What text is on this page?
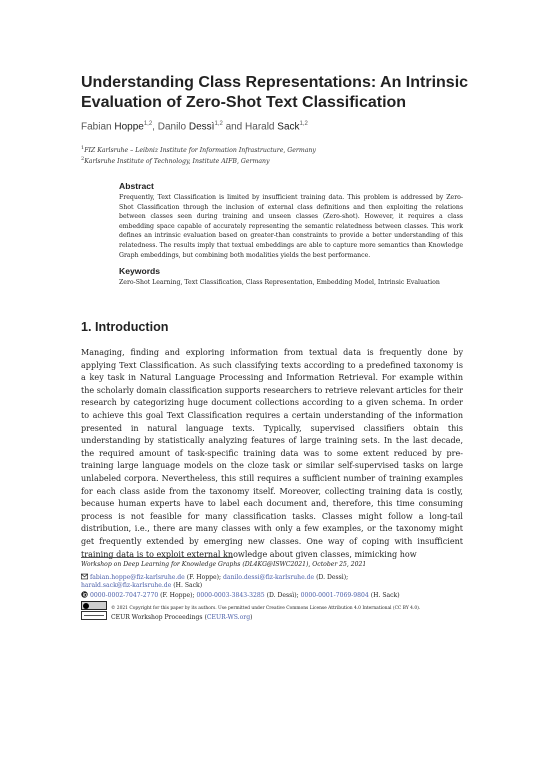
Understanding Class Representations: An Intrinsic Evaluation of Zero-Shot Text Classification
Fabian Hoppe$^{1,2}$, Danilo Dessì$^{1,2}$ and Harald Sack$^{1,2}$
$^1$FIZ Karlsruhe – Leibniz Institute for Information Infrastructure, Germany
$^2$Karlsruhe Institute of Technology, Institute AIFB, Germany
Abstract

Frequently, Text Classification is limited by insufficient training data. This problem is addressed by Zero-Shot Classification through the inclusion of external class definitions and then exploiting the relations between classes seen during training and unseen classes (Zero-shot). However, it requires a class embedding space capable of accurately representing the semantic relatedness between classes. This work defines an intrinsic evaluation based on greater-than constraints to provide a better understanding of this relatedness. The results imply that textual embeddings are able to capture more semantics than Knowledge Graph embeddings, but combining both modalities yields the best performance.

Keywords

Zero-Shot Learning, Text Classification, Class Representation, Embedding Model, Intrinsic Evaluation

1. Introduction

Managing, finding and exploring information from textual data is frequently done by applying Text Classification. As such classifying texts according to a predefined taxonomy is a key task in Natural Language Processing and Information Retrieval. For example within the scholarly domain classification supports researchers to retrieve relevant articles for their research by categorizing huge document collections according to a given schema. In order to achieve this goal Text Classification requires a certain understanding of the information presented in natural language texts. Typically, supervised classifiers obtain this understanding by statistically analyzing features of large training sets. In the last decade, the required amount of task-specific training data was to some extent reduced by pre-training large language models on the cloze task or similar self-supervised tasks on large unlabeled corpora. Nevertheless, this still requires a sufficient number of training examples for each class aside from the taxonomy itself. Moreover, collecting training data is costly, because human experts have to label each document and, therefore, this time consuming process is not feasible for many classification tasks. Classes might follow a long-tail distribution, i.e., there are many classes with only a few examples, or the taxonomy might get frequently extended by emerging new classes. One way of coping with insufficient training data is to exploit external knowledge about given classes, mimicking how

Workshop on Deep Learning for Knowledge Graphs (DL4KG@ISWC2021), October 25, 2021
fabian.hoppe@fiz-karlsruhe.de (F. Hoppe); danilo.dessi@fiz-karlsruhe.de (D. Dessì);
harald.sack@fiz-karlsruhe.de (H. Sack)
0000-0002-7047-2770 (F. Hoppe); 0000-0003-3843-3285 (D. Dessì); 0000-0001-7069-9804 (H. Sack)
© 2021 Copyright for this paper by its authors. Use permitted under Creative Commons License Attribution 4.0 International (CC BY 4.0).
CEUR Workshop Proceedings (CEUR-WS.org)
